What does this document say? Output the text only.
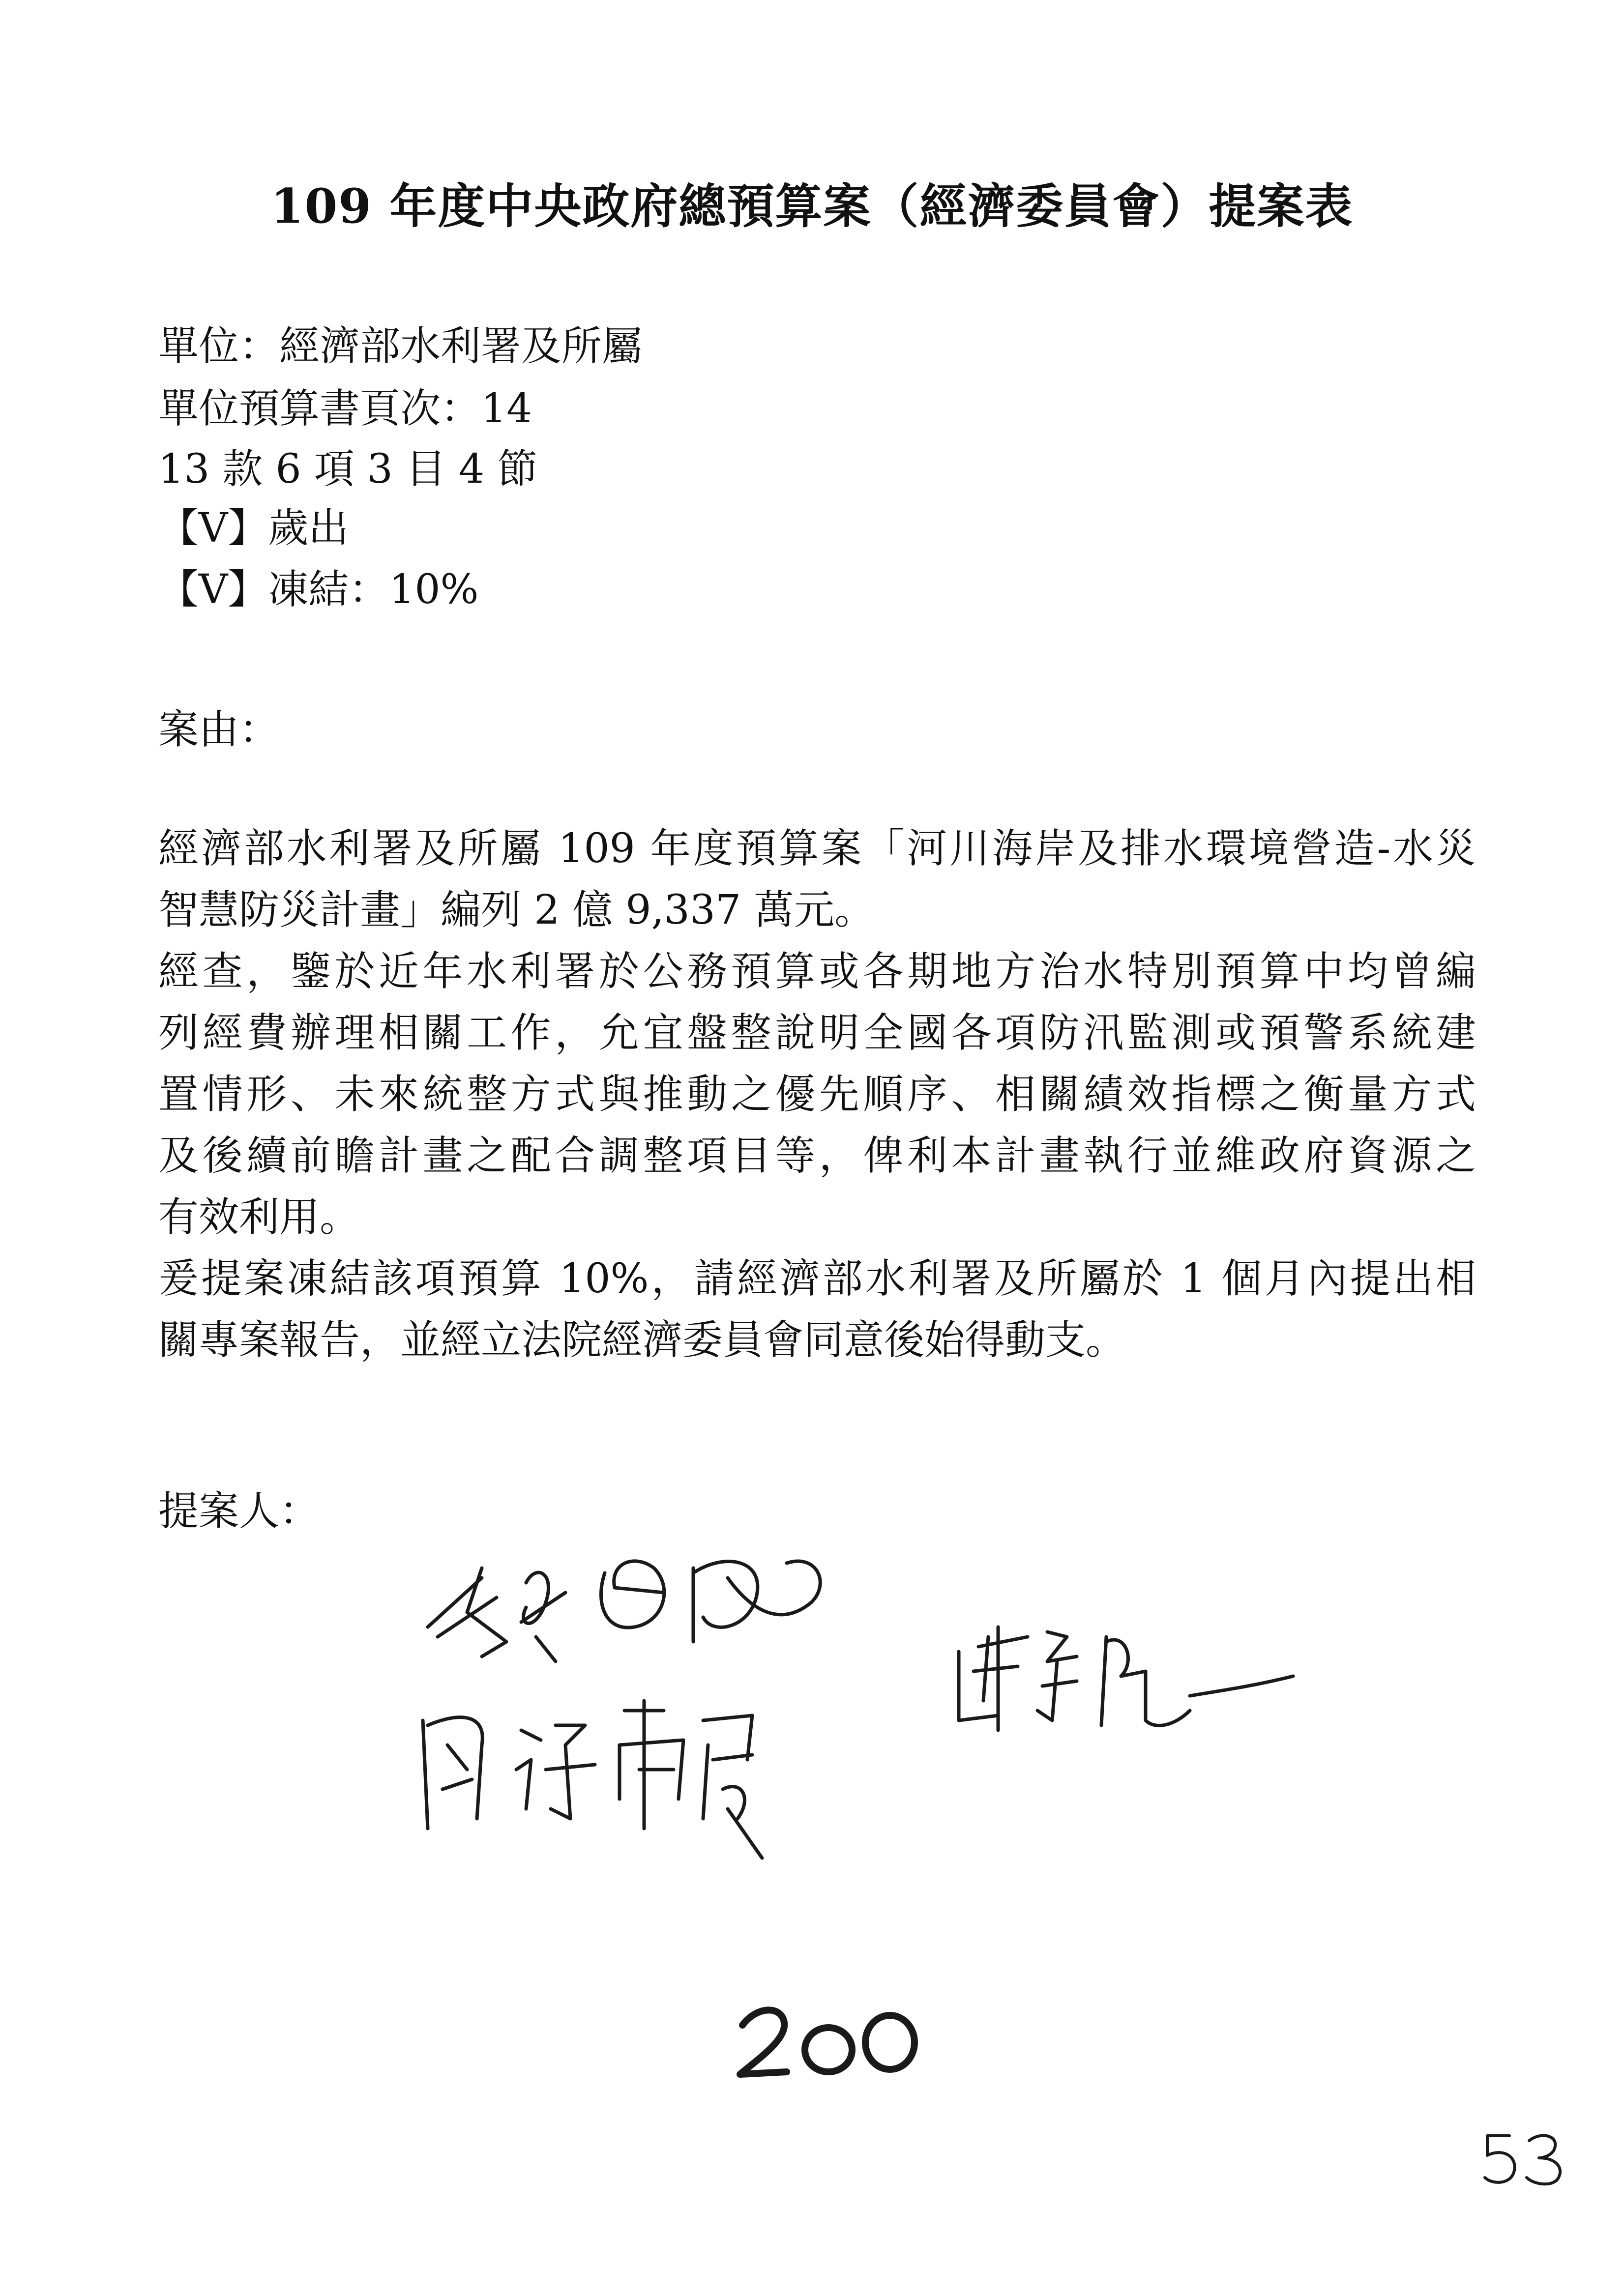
109 年度中央政府總預算案（經濟委員會）提案表
單位：經濟部水利署及所屬
單位預算書頁次：14
13 款 6 項 3 目 4 節
【V】歲出
【V】凍結：10%
案由：
經濟部水利署及所屬 109 年度預算案「河川海岸及排水環境營造-水災
智慧防災計畫」編列 2 億 9,337 萬元。
經查，鑒於近年水利署於公務預算或各期地方治水特別預算中均曾編
列經費辦理相關工作，允宜盤整說明全國各項防汛監測或預警系統建
置情形、未來統整方式與推動之優先順序、相關績效指標之衡量方式
及後續前瞻計畫之配合調整項目等，俾利本計畫執行並維政府資源之
有效利用。
爰提案凍結該項預算 10%，請經濟部水利署及所屬於 1 個月內提出相
關專案報告，並經立法院經濟委員會同意後始得動支。
提案人：
